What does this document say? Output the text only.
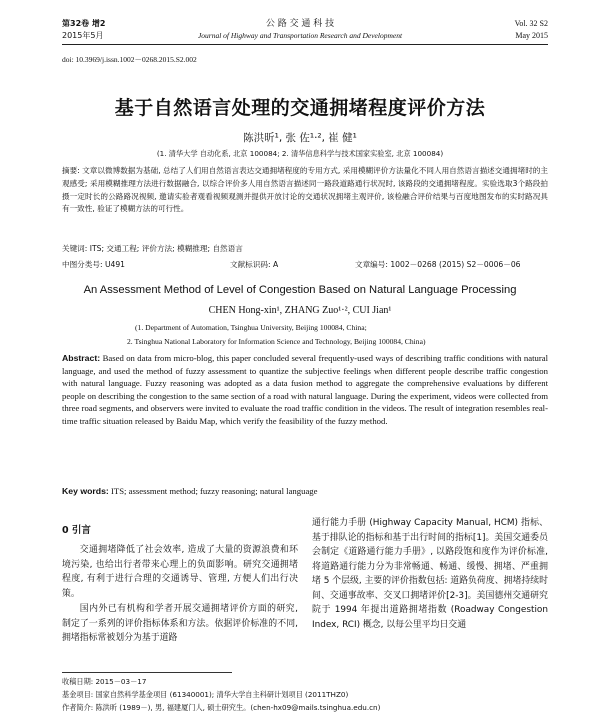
第32卷 增2
2015年5月
公 路 交 通 科 技
Journal of Highway and Transportation Research and Development
Vol. 32 S2
May 2015
doi: 10.3969/j.issn.1002－0268.2015.S2.002
基于自然语言处理的交通拥堵程度评价方法
陈洪昕¹, 张 佐¹·², 崔 健¹
(1. 清华大学 自动化系, 北京 100084; 2. 清华信息科学与技术国家实验室, 北京 100084)
摘要: 文章以微博数据为基础, 总结了人们用自然语言表达交通拥堵程度的专用方式, 采用模糊评价方法量化不同人用自然语言描述交通拥堵时的主观感受; 采用模糊推理方法进行数据融合, 以综合评价多人用自然语言描述同一路段道路通行状况时, 该路段的交通拥堵程度。实验选取3个路段拍摄一定时长的公路路况视频, 邀请实验者观看视频观测并提供开放讨论的交通状况拥堵主观评价, 该检融合评价结果与百度地图发布的实时路况具有一致性, 验证了模糊方法的可行性。
关键词: ITS; 交通工程; 评价方法; 模糊推理; 自然语言
中图分类号: U491	文献标识码: A	文章编号: 1002－0268 (2015) S2－0006－06
An Assessment Method of Level of Congestion Based on Natural Language Processing
CHEN Hong-xin¹, ZHANG Zuo¹·², CUI Jian¹
(1. Department of Automation, Tsinghua University, Beijing 100084, China;
2. Tsinghua National Laboratory for Information Science and Technology, Beijing 100084, China)
Abstract: Based on data from micro-blog, this paper concluded several frequently-used ways of describing traffic conditions with natural language, and used the method of fuzzy assessment to quantize the subjective feelings when different people describe traffic congestion with natural language. Fuzzy reasoning was adopted as a data fusion method to aggregate the comprehensive evaluations by different people on describing the congestion to the same section of a road with natural language. During the experiment, videos were collected from three road segments, and observers were invited to evaluate the road traffic condition in the videos. The result of integration resembles real-time traffic situation released by Baidu Map, which verify the feasibility of the fuzzy method.
Key words: ITS; assessment method; fuzzy reasoning; natural language
0 引言
交通拥堵降低了社会效率, 造成了大量的资源浪费和环境污染, 也给出行者带来心理上的负面影响。研究交通拥堵程度, 有利于进行合理的交通诱导、管理, 方便人们出行决策。
国内外已有机构和学者开展交通拥堵评价方面的研究, 制定了一系列的评价指标体系和方法。依据评价标准的不同, 拥堵指标常被划分为基于道路
通行能力手册 (Highway Capacity Manual, HCM) 指标、基于排队论的指标和基于出行时间的指标[1]。美国交通委员会制定《道路通行能力手册》, 以路段饱和度作为评价标准, 将道路通行能力分为非常畅通、畅通、缓慢、拥堵、严重拥堵 5 个层级, 主要的评价指数包括: 道路负荷度、拥堵持续时间、交通事故率、交叉口拥堵评价[2-3]。美国德州交通研究院于 1994 年提出道路拥堵指数 (Roadway Congestion Index, RCI) 概念, 以每公里平均日交通
收稿日期: 2015－03－17
基金项目: 国家自然科学基金项目 (61340001); 清华大学自主科研计划项目 (2011THZ0)
作者简介: 陈洪昕 (1989－), 男, 福建厦门人, 硕士研究生。(chen-hx09@mails.tsinghua.edu.cn)
